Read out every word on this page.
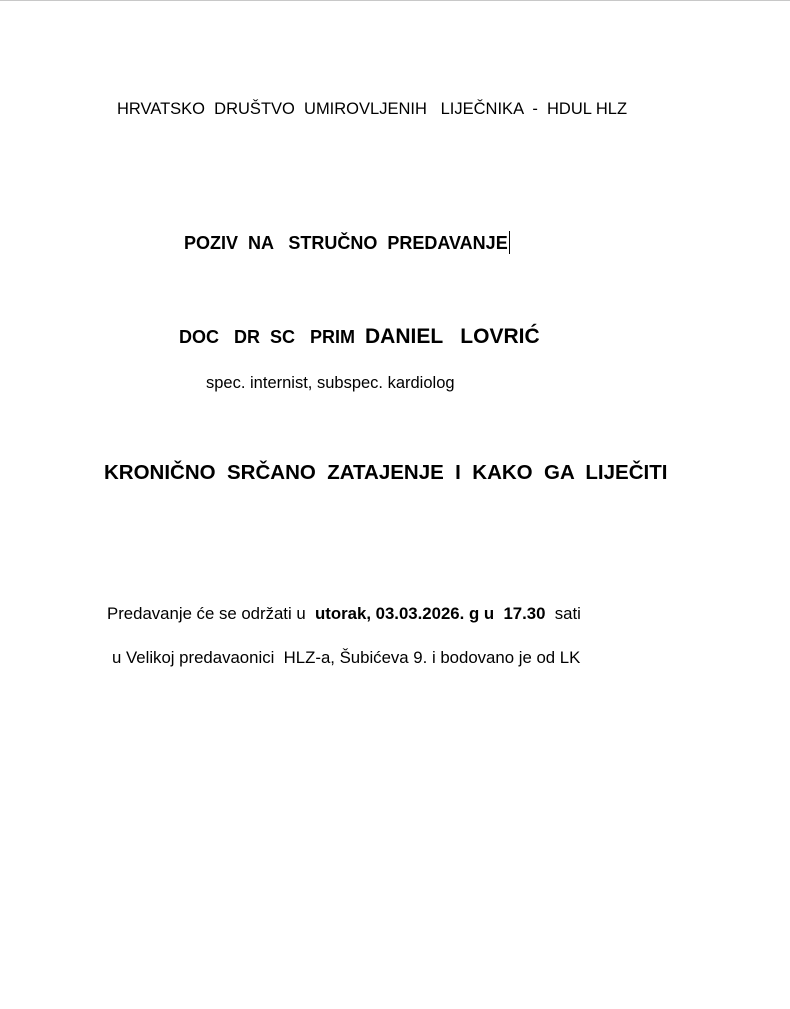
HRVATSKO  DRUŠTVO  UMIROVLJENIH   LIJEČNIKA  -  HDUL HLZ
POZIV  NA   STRUČNO  PREDAVANJE
DOC   DR  SC   PRIM  DANIEL   LOVRIĆ
spec. internist, subspec. kardiolog
KRONIČNO  SRČANO  ZATAJENJE  I  KAKO  GA  LIJEČITI
Predavanje će se održati u  utorak, 03.03.2026. g u  17.30  sati
u Velikoj predavaonici  HLZ-a, Šubićeva 9. i bodovano je od LK
